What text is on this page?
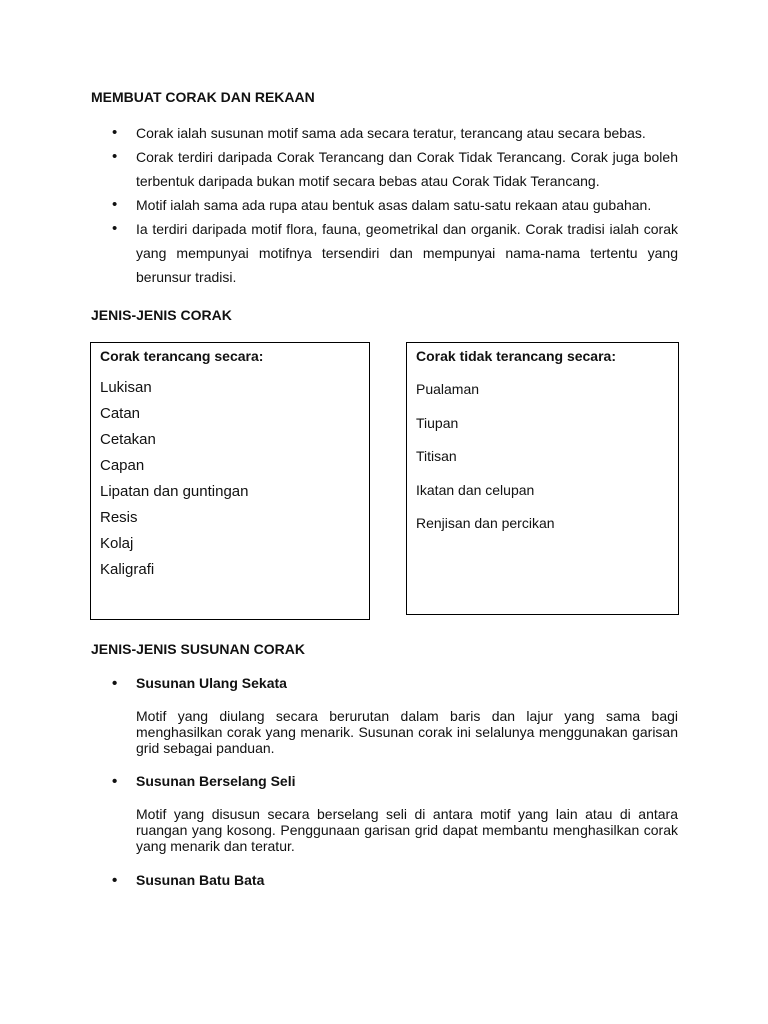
MEMBUAT CORAK DAN REKAAN
• Corak ialah susunan motif sama ada secara teratur, terancang atau secara bebas.
• Corak terdiri daripada Corak Terancang dan Corak Tidak Terancang. Corak juga boleh terbentuk daripada bukan motif secara bebas atau Corak Tidak Terancang.
• Motif ialah sama ada rupa atau bentuk asas dalam satu-satu rekaan atau gubahan.
• Ia terdiri daripada motif flora, fauna, geometrikal dan organik. Corak tradisi ialah corak yang mempunyai motifnya tersendiri dan mempunyai nama-nama tertentu yang berunsur tradisi.
JENIS-JENIS CORAK
Corak terancang secara:
Lukisan
Catan
Cetakan
Capan
Lipatan dan guntingan
Resis
Kolaj
Kaligrafi
Corak tidak terancang secara:
Pualaman
Tiupan
Titisan
Ikatan dan celupan
Renjisan dan percikan
JENIS-JENIS SUSUNAN CORAK
• Susunan Ulang Sekata
Motif yang diulang secara berurutan dalam baris dan lajur yang sama bagi menghasilkan corak yang menarik. Susunan corak ini selalunya menggunakan garisan grid sebagai panduan.
• Susunan Berselang Seli
Motif yang disusun secara berselang seli di antara motif yang lain atau di antara ruangan yang kosong. Penggunaan garisan grid dapat membantu menghasilkan corak yang menarik dan teratur.
• Susunan Batu Bata
